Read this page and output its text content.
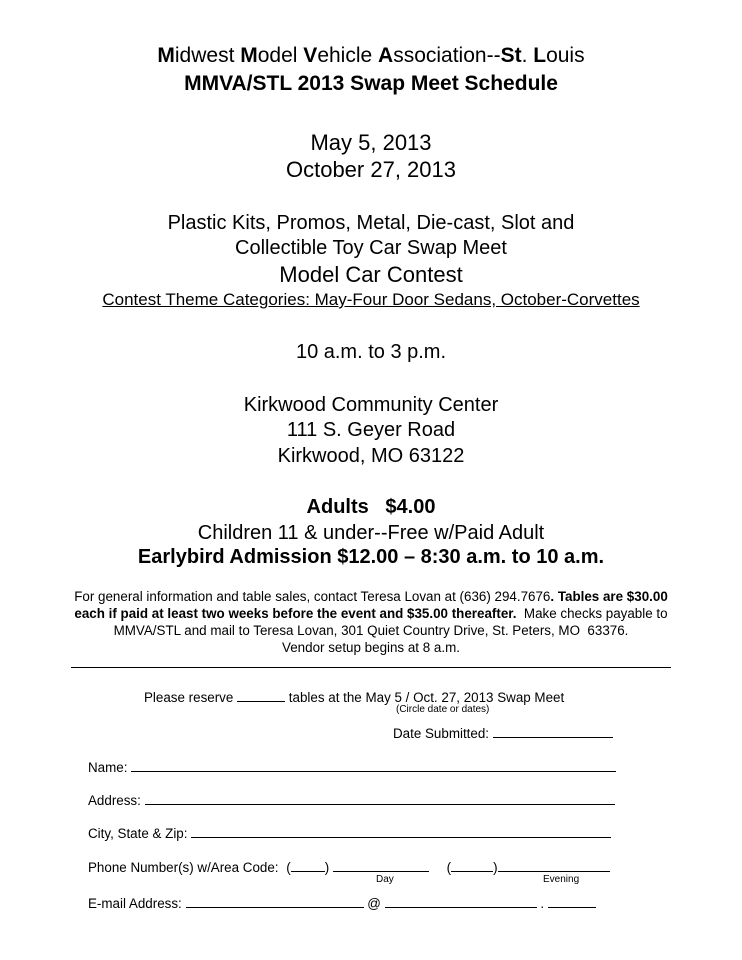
Midwest Model Vehicle Association--St. Louis
MMVA/STL 2013 Swap Meet Schedule
May 5, 2013
October 27, 2013
Plastic Kits, Promos, Metal, Die-cast, Slot and
Collectible Toy Car Swap Meet
Model Car Contest
Contest Theme Categories: May-Four Door Sedans, October-Corvettes
10 a.m. to 3 p.m.
Kirkwood Community Center
111 S. Geyer Road
Kirkwood, MO 63122
Adults   $4.00
Children 11 & under--Free w/Paid Adult
Earlybird Admission $12.00 – 8:30 a.m. to 10 a.m.
For general information and table sales, contact Teresa Lovan at (636) 294.7676. Tables are $30.00
each if paid at least two weeks before the event and $35.00 thereafter.  Make checks payable to
MMVA/STL and mail to Teresa Lovan, 301 Quiet Country Drive, St. Peters, MO  63376.
Vendor setup begins at 8 a.m.
Please reserve	tables at the May 5 / Oct. 27, 2013 Swap Meet
(Circle date or dates)
Date Submitted:
Name:
Address:
City, State & Zip:
Phone Number(s) w/Area Code: (	)	(	)
Day	Evening
E-mail Address:	@	.
